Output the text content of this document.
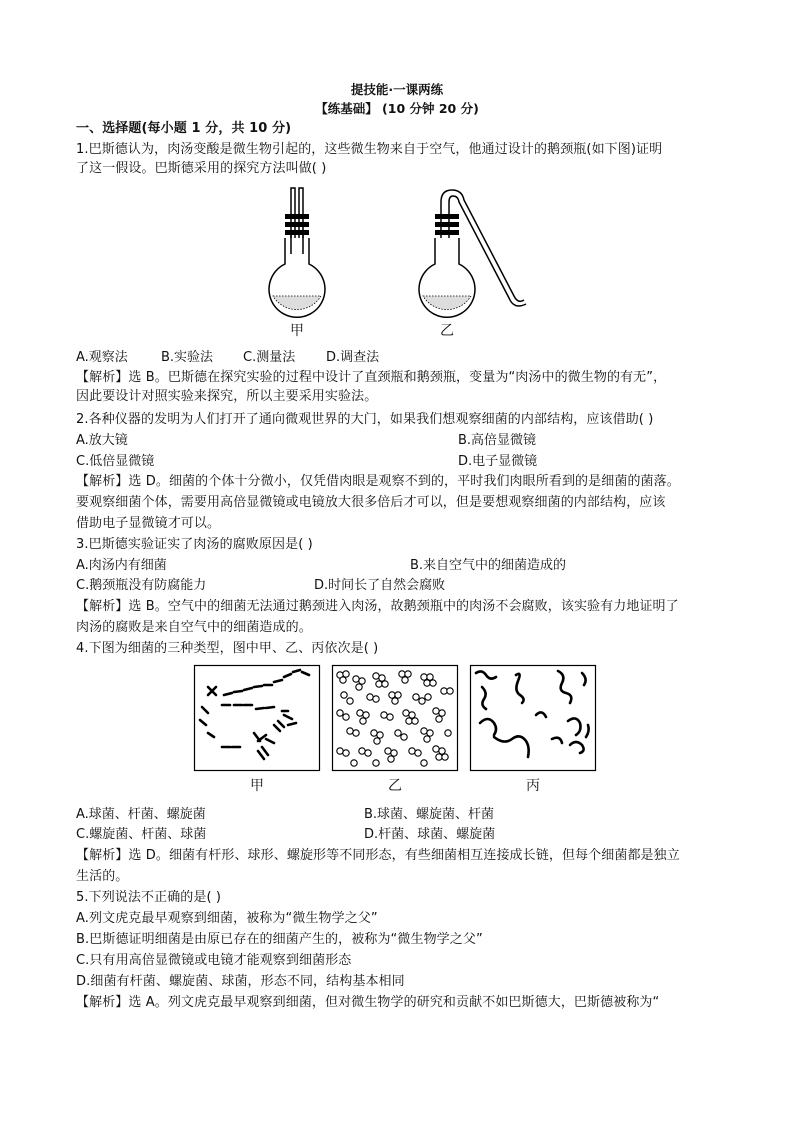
提技能·一课两练
【练基础】 (10 分钟 20 分)
一、选择题(每小题 1 分，共 10 分)
1.巴斯德认为，肉汤变酸是微生物引起的，这些微生物来自于空气，他通过设计的鹅颈瓶(如下图)证明
了这一假设。巴斯德采用的探究方法叫做( )
甲	乙
A.观察法	B.实验法 C.测量法 D.调查法
【解析】选 B。巴斯德在探究实验的过程中设计了直颈瓶和鹅颈瓶，变量为“肉汤中的微生物的有无”，
因此要设计对照实验来探究，所以主要采用实验法。
2.各种仪器的发明为人们打开了通向微观世界的大门，如果我们想观察细菌的内部结构，应该借助( )
A.放大镜	B.高倍显微镜
C.低倍显微镜	D.电子显微镜
【解析】选 D。细菌的个体十分微小，仅凭借肉眼是观察不到的，平时我们肉眼所看到的是细菌的菌落。
要观察细菌个体，需要用高倍显微镜或电镜放大很多倍后才可以，但是要想观察细菌的内部结构，应该
借助电子显微镜才可以。
3.巴斯德实验证实了肉汤的腐败原因是( )
A.肉汤内有细菌	B.来自空气中的细菌造成的
C.鹅颈瓶没有防腐能力	D.时间长了自然会腐败
【解析】选 B。空气中的细菌无法通过鹅颈进入肉汤，故鹅颈瓶中的肉汤不会腐败，该实验有力地证明了
肉汤的腐败是来自空气中的细菌造成的。
4.下图为细菌的三种类型，图中甲、乙、丙依次是( )
甲	乙	丙
A.球菌、杆菌、螺旋菌	B.球菌、螺旋菌、杆菌
C.螺旋菌、杆菌、球菌	D.杆菌、球菌、螺旋菌
【解析】选 D。细菌有杆形、球形、螺旋形等不同形态，有些细菌相互连接成长链，但每个细菌都是独立
生活的。
5.下列说法不正确的是( )
A.列文虎克最早观察到细菌，被称为“微生物学之父”
B.巴斯德证明细菌是由原已存在的细菌产生的，被称为“微生物学之父”
C.只有用高倍显微镜或电镜才能观察到细菌形态
D.细菌有杆菌、螺旋菌、球菌，形态不同，结构基本相同
【解析】选 A。列文虎克最早观察到细菌，但对微生物学的研究和贡献不如巴斯德大，巴斯德被称为“
